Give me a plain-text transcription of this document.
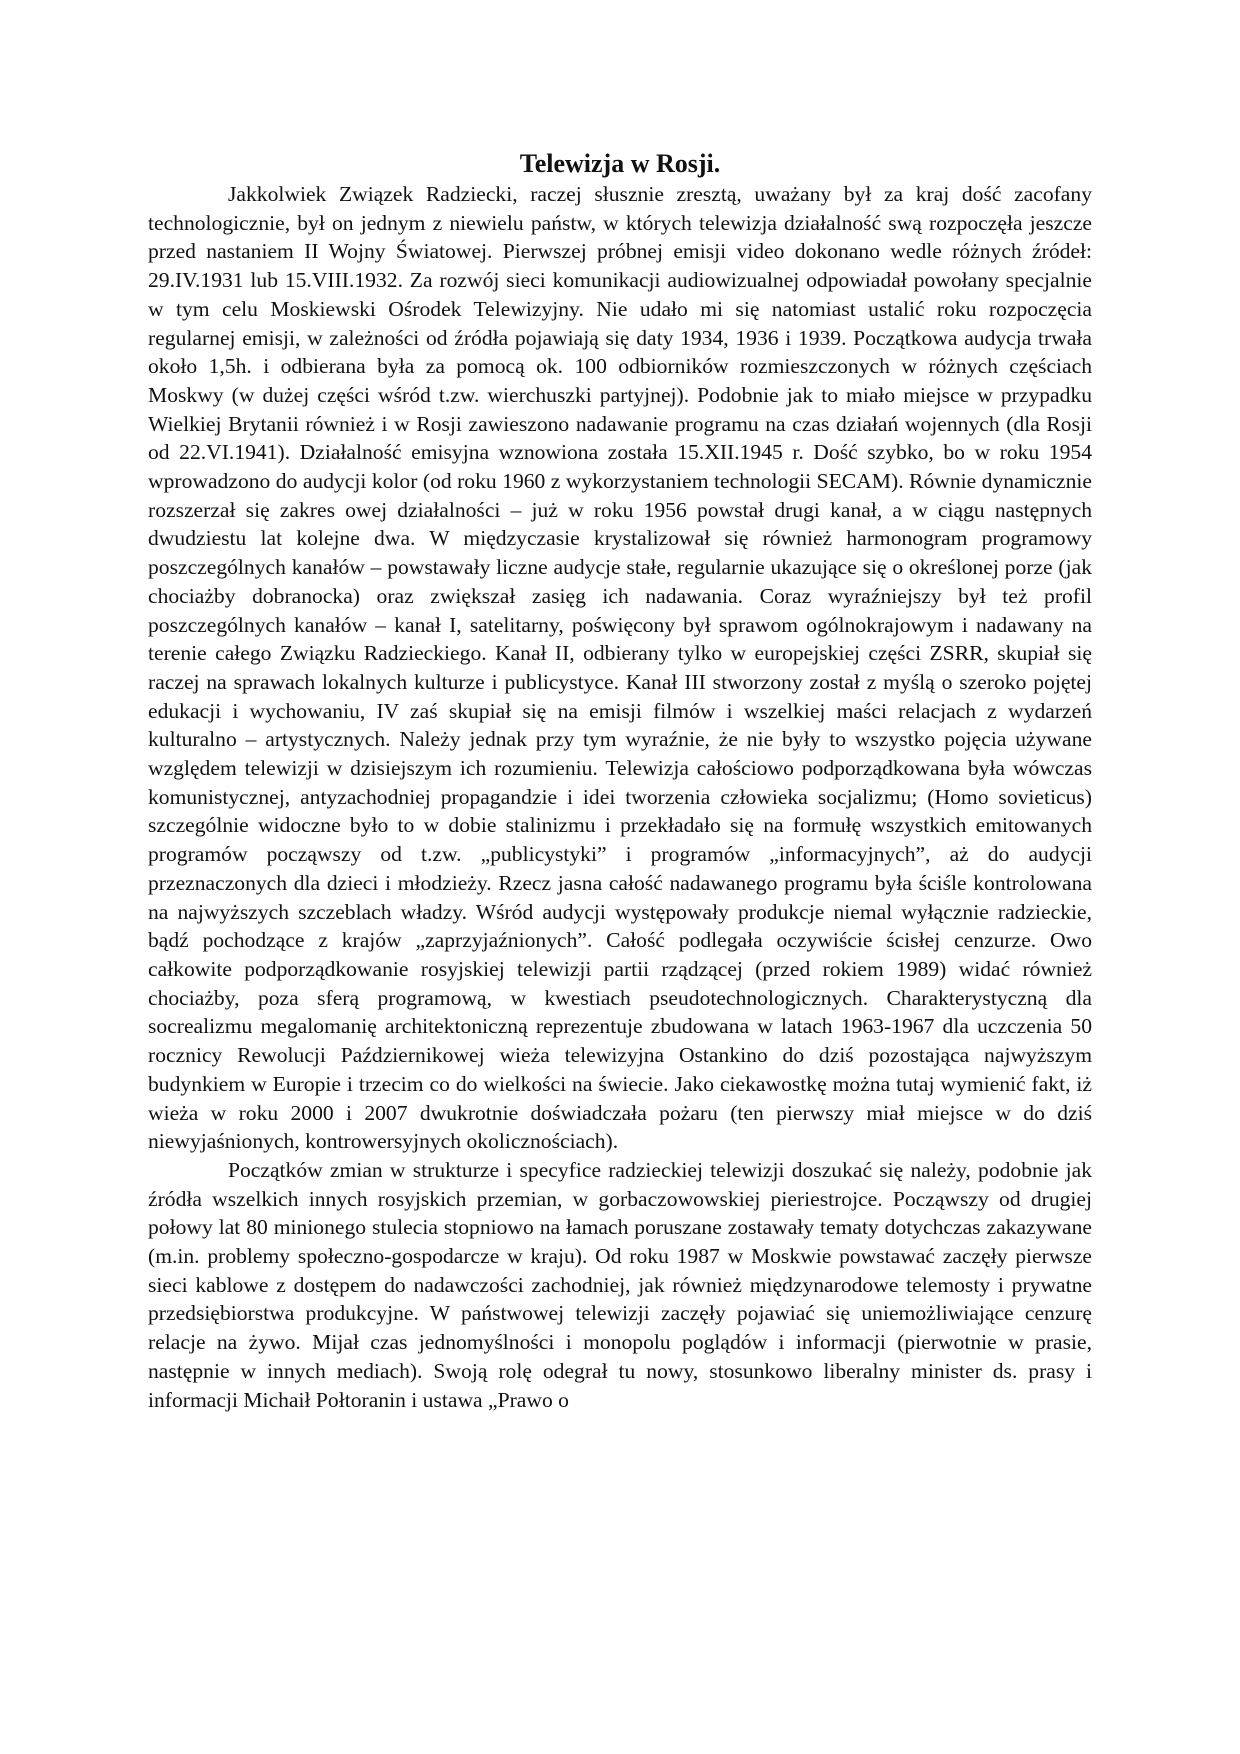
Telewizja w Rosji.

Jakkolwiek Związek Radziecki, raczej słusznie zresztą, uważany był za kraj dość zacofany technologicznie, był on jednym z niewielu państw, w których telewizja działalność swą rozpoczęła jeszcze przed nastaniem II Wojny Światowej. Pierwszej próbnej emisji video dokonano wedle różnych źródeł: 29.IV.1931 lub 15.VIII.1932. Za rozwój sieci komunikacji audiowizualnej odpowiadał powołany specjalnie w tym celu Moskiewski Ośrodek Telewizyjny. Nie udało mi się natomiast ustalić roku rozpoczęcia regularnej emisji, w zależności od źródła pojawiają się daty 1934, 1936 i 1939. Początkowa audycja trwała około 1,5h. i odbierana była za pomocą ok. 100 odbiorników rozmieszczonych w różnych częściach Moskwy (w dużej części wśród t.zw. wierchuszki partyjnej). Podobnie jak to miało miejsce w przypadku Wielkiej Brytanii również i w Rosji zawieszono nadawanie programu na czas działań wojennych (dla Rosji od 22.VI.1941). Działalność emisyjna wznowiona została 15.XII.1945 r. Dość szybko, bo w roku 1954 wprowadzono do audycji kolor (od roku 1960 z wykorzystaniem technologii SECAM). Równie dynamicznie rozszerzał się zakres owej działalności – już w roku 1956 powstał drugi kanał, a w ciągu następnych dwudziestu lat kolejne dwa. W międzyczasie krystalizował się również harmonogram programowy poszczególnych kanałów – powstawały liczne audycje stałe, regularnie ukazujące się o określonej porze (jak chociażby dobranocka) oraz zwiększał zasięg ich nadawania. Coraz wyraźniejszy był też profil poszczególnych kanałów – kanał I, satelitarny, poświęcony był sprawom ogólnokrajowym i nadawany na terenie całego Związku Radzieckiego. Kanał II, odbierany tylko w europejskiej części ZSRR, skupiał się raczej na sprawach lokalnych kulturze i publicystyce. Kanał III stworzony został z myślą o szeroko pojętej edukacji i wychowaniu, IV zaś skupiał się na emisji filmów i wszelkiej maści relacjach z wydarzeń kulturalno – artystycznych. Należy jednak przy tym wyraźnie, że nie były to wszystko pojęcia używane względem telewizji w dzisiejszym ich rozumieniu. Telewizja całościowo podporządkowana była wówczas komunistycznej, antyzachodniej propagandzie i idei tworzenia człowieka socjalizmu; (Homo sovieticus) szczególnie widoczne było to w dobie stalinizmu i przekładało się na formułę wszystkich emitowanych programów począwszy od t.zw. „publicystyki” i programów „informacyjnych”, aż do audycji przeznaczonych dla dzieci i młodzieży. Rzecz jasna całość nadawanego programu była ściśle kontrolowana na najwyższych szczeblach władzy. Wśród audycji występowały produkcje niemal wyłącznie radzieckie, bądź pochodzące z krajów „zaprzyjaźnionych”. Całość podlegała oczywiście ścisłej cenzurze. Owo całkowite podporządkowanie rosyjskiej telewizji partii rządzącej (przed rokiem 1989) widać również chociażby, poza sferą programową, w kwestiach pseudotechnologicznych. Charakterystyczną dla socrealizmu megalomanię architektoniczną reprezentuje zbudowana w latach 1963-1967 dla uczczenia 50 rocznicy Rewolucji Październikowej wieża telewizyjna Ostankino do dziś pozostająca najwyższym budynkiem w Europie i trzecim co do wielkości na świecie. Jako ciekawostkę można tutaj wymienić fakt, iż wieża w roku 2000 i 2007 dwukrotnie doświadczała pożaru (ten pierwszy miał miejsce w do dziś niewyjaśnionych, kontrowersyjnych okolicznościach).

Początków zmian w strukturze i specyfice radzieckiej telewizji doszukać się należy, podobnie jak źródła wszelkich innych rosyjskich przemian, w gorbaczowowskiej pieriestrojce. Począwszy od drugiej połowy lat 80 minionego stulecia stopniowo na łamach poruszane zostawały tematy dotychczas zakazywane (m.in. problemy społeczno-gospodarcze w kraju). Od roku 1987 w Moskwie powstawać zaczęły pierwsze sieci kablowe z dostępem do nadawczości zachodniej, jak również międzynarodowe telemosty i prywatne przedsiębiorstwa produkcyjne. W państwowej telewizji zaczęły pojawiać się uniemożliwiające cenzurę relacje na żywo. Mijał czas jednomyślności i monopolu poglądów i informacji (pierwotnie w prasie, następnie w innych mediach). Swoją rolę odegrał tu nowy, stosunkowo liberalny minister ds. prasy i informacji Michaił Połtoranin i ustawa „Prawo o
